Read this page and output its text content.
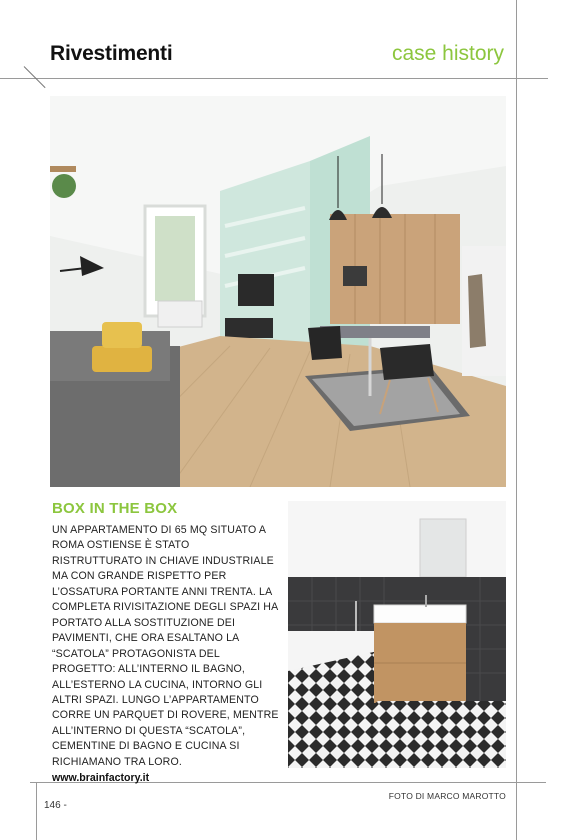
Rivestimenti	case history
BOX IN THE BOX

UN APPARTAMENTO DI 65 MQ SITUATO A ROMA OSTIENSE È STATO RISTRUTTURATO IN CHIAVE INDUSTRIALE MA CON GRANDE RISPETTO PER L’OSSATURA PORTANTE ANNI TRENTA. LA COMPLETA RIVISITAZIONE DEGLI SPAZI HA PORTATO ALLA SOSTITUZIONE DEI PAVIMENTI, CHE ORA ESALTANO LA “SCATOLA” PROTAGONISTA DEL PROGETTO: ALL’INTERNO IL BAGNO, ALL’ESTERNO LA CUCINA, INTORNO GLI ALTRI SPAZI. LUNGO L’APPARTAMENTO CORRE UN PARQUET DI ROVERE, MENTRE ALL’INTERNO DI QUESTA “SCATOLA”, CEMENTINE DI BAGNO E CUCINA SI RICHIAMANO TRA LORO.

www.brainfactory.it
146 -
FOTO DI MARCO MAROTTO
